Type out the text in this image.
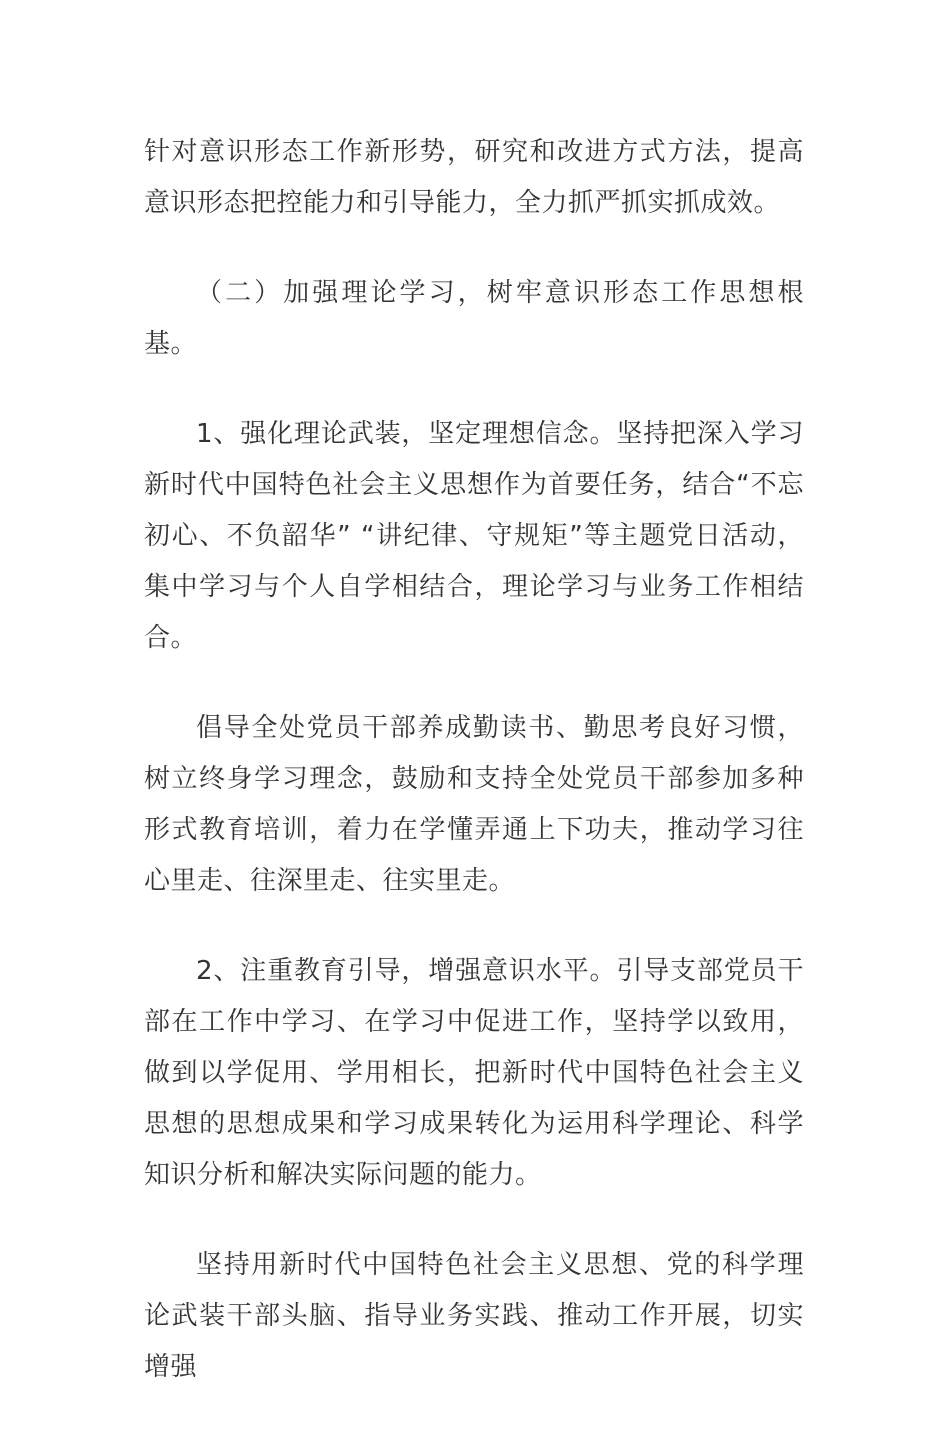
针对意识形态工作新形势，研究和改进方式方法，提高意识形态把控能力和引导能力，全力抓严抓实抓成效。

（二）加强理论学习，树牢意识形态工作思想根基。

1、强化理论武装，坚定理想信念。坚持把深入学习新时代中国特色社会主义思想作为首要任务，结合“不忘初心、不负韶华” “讲纪律、守规矩”等主题党日活动，集中学习与个人自学相结合，理论学习与业务工作相结合。

倡导全处党员干部养成勤读书、勤思考良好习惯，树立终身学习理念，鼓励和支持全处党员干部参加多种形式教育培训，着力在学懂弄通上下功夫，推动学习往心里走、往深里走、往实里走。

2、注重教育引导，增强意识水平。引导支部党员干部在工作中学习、在学习中促进工作，坚持学以致用，做到以学促用、学用相长，把新时代中国特色社会主义思想的思想成果和学习成果转化为运用科学理论、科学知识分析和解决实际问题的能力。

坚持用新时代中国特色社会主义思想、党的科学理论武装干部头脑、指导业务实践、推动工作开展，切实增强
